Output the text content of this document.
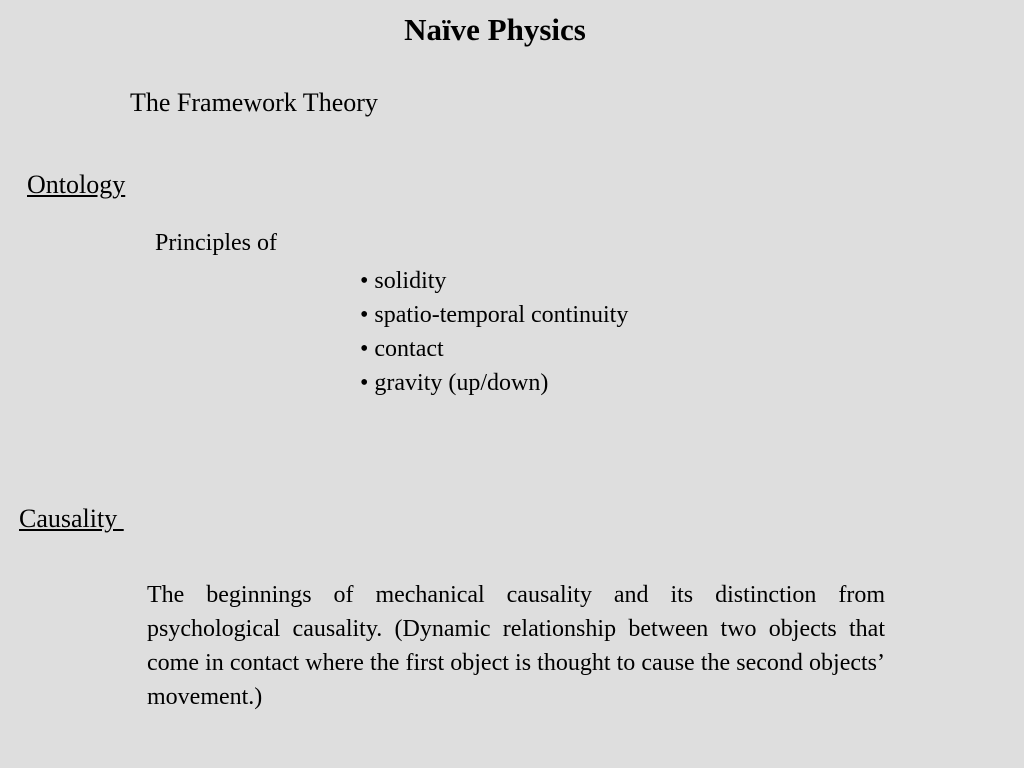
Naïve Physics
The Framework Theory
Ontology
Principles of
• solidity
• spatio-temporal continuity
• contact
• gravity (up/down)
Causality

The beginnings of mechanical causality and its distinction from psychological causality. (Dynamic relationship between two objects that come in contact where the first object is thought to cause the second objects’ movement.)
